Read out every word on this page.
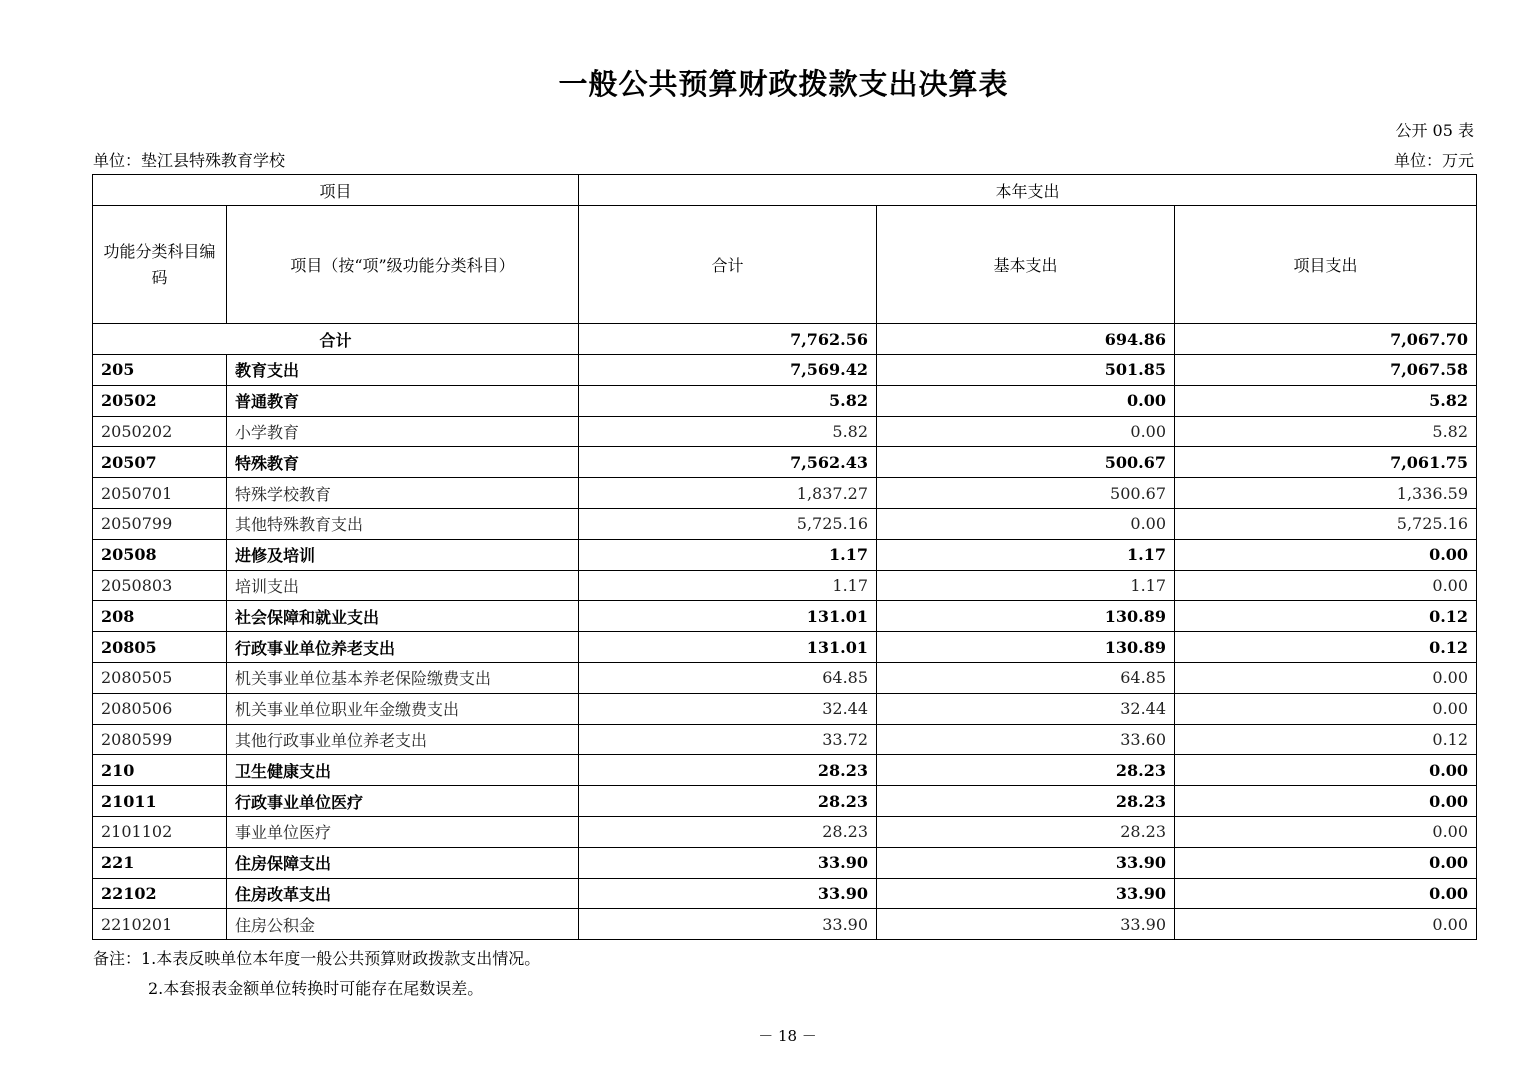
一般公共预算财政拨款支出决算表
公开 05 表
单位：垫江县特殊教育学校	单位：万元
项目		本年支出		
功能分类科目编码	项目（按“项”级功能分类科目）	合计	基本支出	项目支出
合计		7,762.56	694.86	7,067.70
205	教育支出	7,569.42	501.85	7,067.58
20502	普通教育	5.82	0.00	5.82
2050202	小学教育	5.82	0.00	5.82
20507	特殊教育	7,562.43	500.67	7,061.75
2050701	特殊学校教育	1,837.27	500.67	1,336.59
2050799	其他特殊教育支出	5,725.16	0.00	5,725.16
20508	进修及培训	1.17	1.17	0.00
2050803	培训支出	1.17	1.17	0.00
208	社会保障和就业支出	131.01	130.89	0.12
20805	行政事业单位养老支出	131.01	130.89	0.12
2080505	机关事业单位基本养老保险缴费支出	64.85	64.85	0.00
2080506	机关事业单位职业年金缴费支出	32.44	32.44	0.00
2080599	其他行政事业单位养老支出	33.72	33.60	0.12
210	卫生健康支出	28.23	28.23	0.00
21011	行政事业单位医疗	28.23	28.23	0.00
2101102	事业单位医疗	28.23	28.23	0.00
221	住房保障支出	33.90	33.90	0.00
22102	住房改革支出	33.90	33.90	0.00
2210201	住房公积金	33.90	33.90	0.00
备注：1.本表反映单位本年度一般公共预算财政拨款支出情况。
2.本套报表金额单位转换时可能存在尾数误差。
－ 18 －
